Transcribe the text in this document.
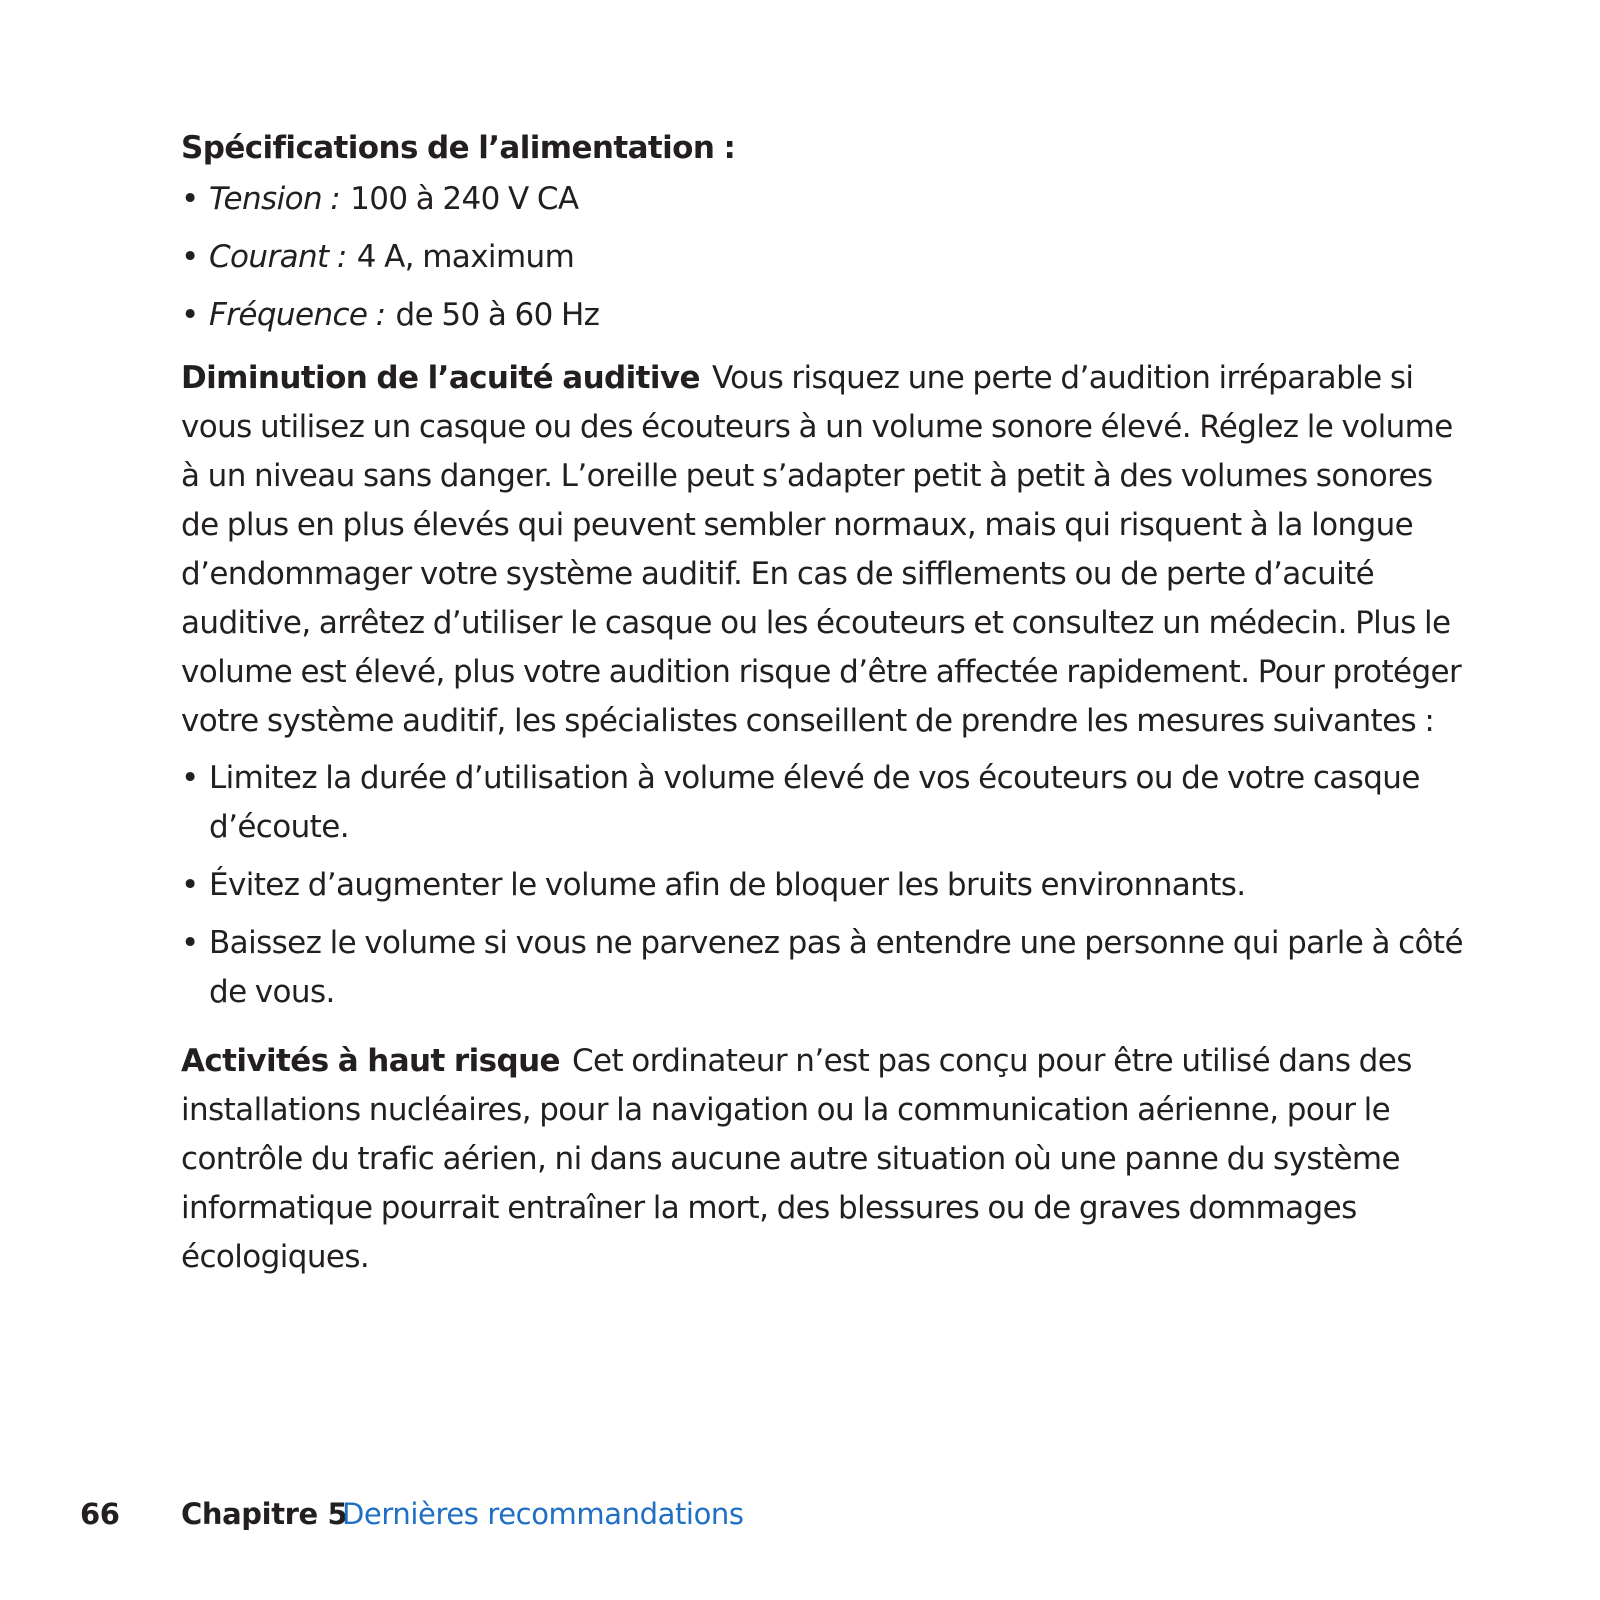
Spécifications de l’alimentation :
• Tension : 100 à 240 V CA
• Courant : 4 A, maximum
• Fréquence : de 50 à 60 Hz

Diminution de l’acuité auditive Vous risquez une perte d’audition irréparable si vous utilisez un casque ou des écouteurs à un volume sonore élevé. Réglez le volume à un niveau sans danger. L’oreille peut s’adapter petit à petit à des volumes sonores de plus en plus élevés qui peuvent sembler normaux, mais qui risquent à la longue d’endommager votre système auditif. En cas de sifflements ou de perte d’acuité auditive, arrêtez d’utiliser le casque ou les écouteurs et consultez un médecin. Plus le volume est élevé, plus votre audition risque d’être affectée rapidement. Pour protéger votre système auditif, les spécialistes conseillent de prendre les mesures suivantes :

• Limitez la durée d’utilisation à volume élevé de vos écouteurs ou de votre casque d’écoute.
• Évitez d’augmenter le volume afin de bloquer les bruits environnants.
• Baissez le volume si vous ne parvenez pas à entendre une personne qui parle à côté de vous.

Activités à haut risque Cet ordinateur n’est pas conçu pour être utilisé dans des installations nucléaires, pour la navigation ou la communication aérienne, pour le contrôle du trafic aérien, ni dans aucune autre situation où une panne du système informatique pourrait entraîner la mort, des blessures ou de graves dommages écologiques.

66 Chapitre 5
Dernières recommandations
